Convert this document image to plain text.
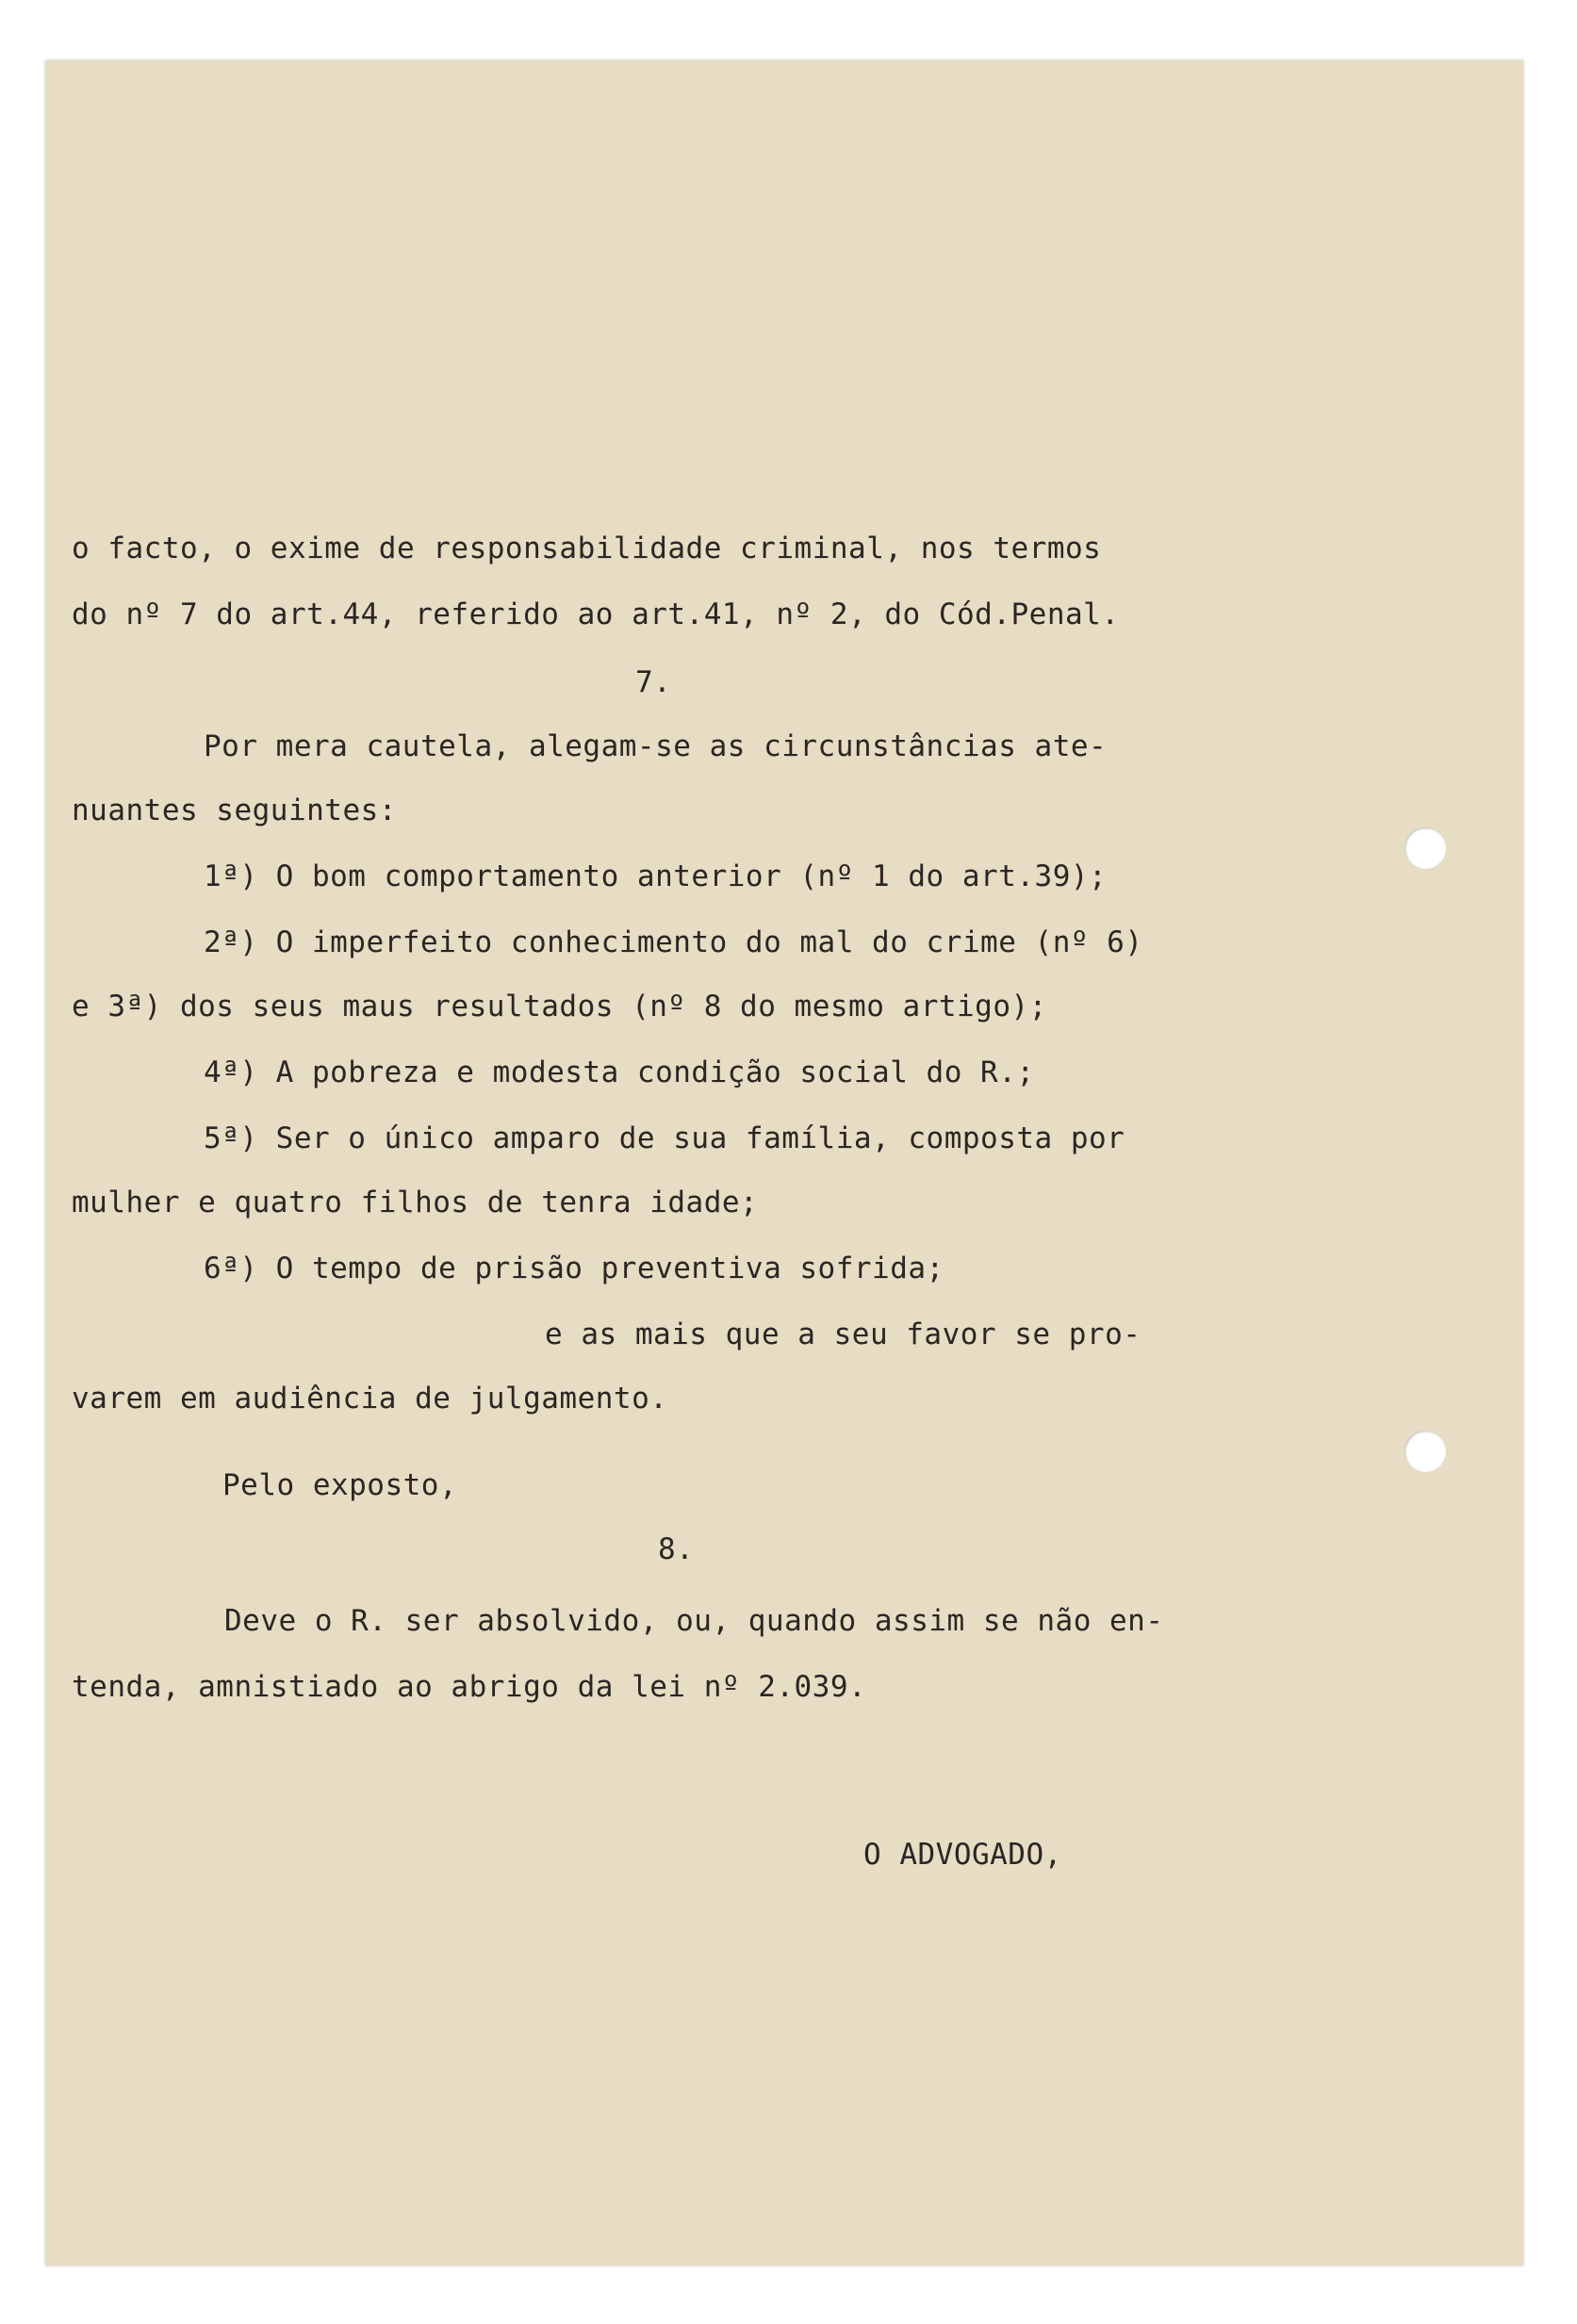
o facto, o exime de responsabilidade criminal, nos termos
do nº 7 do art.44, referido ao art.41, nº 2, do Cód.Penal.
7.
Por mera cautela, alegam-se as circunstâncias ate-
nuantes seguintes:
1ª) O bom comportamento anterior (nº 1 do art.39);
2ª) O imperfeito conhecimento do mal do crime (nº 6)
e 3ª) dos seus maus resultados (nº 8 do mesmo artigo);
4ª) A pobreza e modesta condição social do R.;
5ª) Ser o único amparo de sua família, composta por
mulher e quatro filhos de tenra idade;
6ª) O tempo de prisão preventiva sofrida;
e as mais que a seu favor se pro-
varem em audiência de julgamento.
Pelo exposto,
8.
Deve o R. ser absolvido, ou, quando assim se não en-
tenda, amnistiado ao abrigo da lei nº 2.039.
O ADVOGADO,
